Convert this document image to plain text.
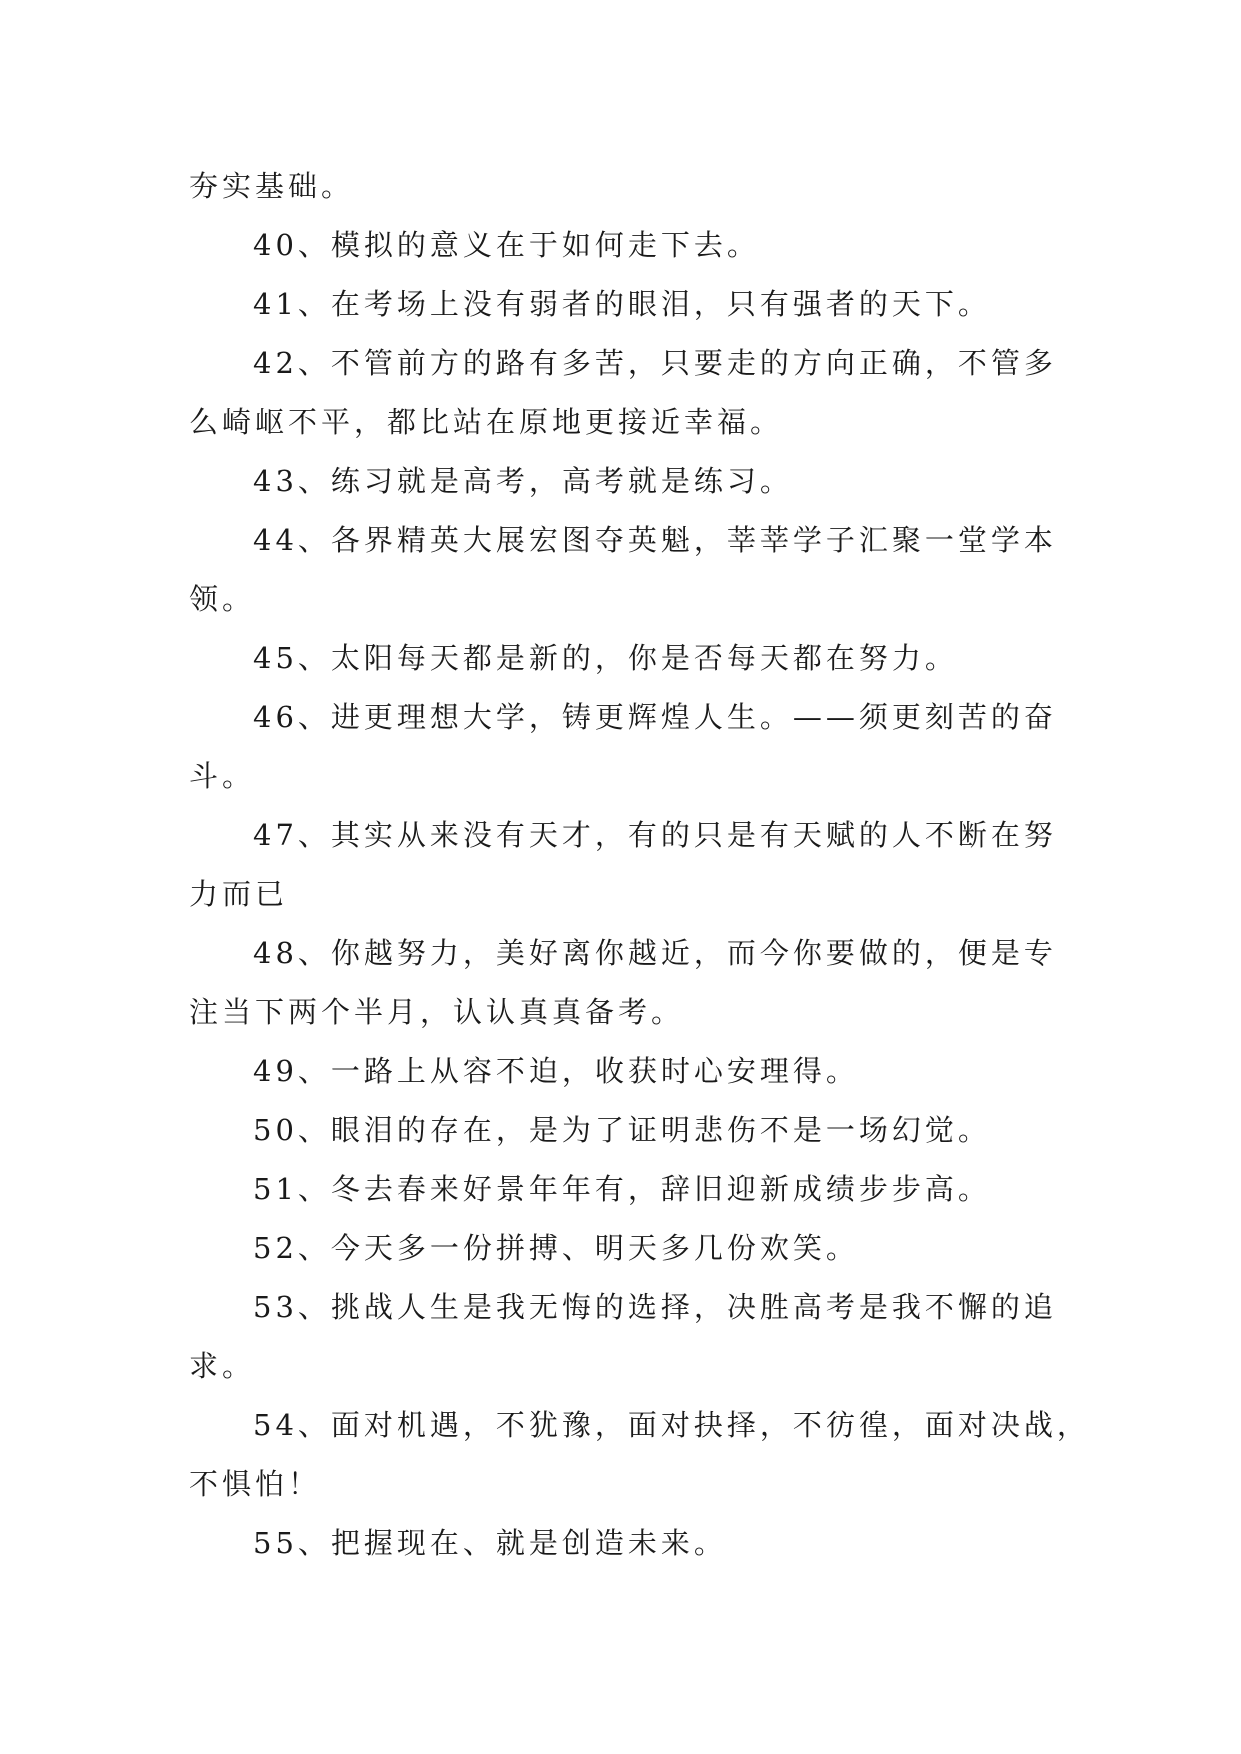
夯实基础。

40、模拟的意义在于如何走下去。

41、在考场上没有弱者的眼泪，只有强者的天下。

42、不管前方的路有多苦，只要走的方向正确，不管多
么崎岖不平，都比站在原地更接近幸福。

43、练习就是高考，高考就是练习。

44、各界精英大展宏图夺英魁，莘莘学子汇聚一堂学本
领。

45、太阳每天都是新的，你是否每天都在努力。

46、进更理想大学，铸更辉煌人生。——须更刻苦的奋
斗。

47、其实从来没有天才，有的只是有天赋的人不断在努
力而已

48、你越努力，美好离你越近，而今你要做的，便是专
注当下两个半月，认认真真备考。

49、一路上从容不迫，收获时心安理得。

50、眼泪的存在，是为了证明悲伤不是一场幻觉。

51、冬去春来好景年年有，辞旧迎新成绩步步高。

52、今天多一份拼搏、明天多几份欢笑。

53、挑战人生是我无悔的选择，决胜高考是我不懈的追
求。

54、面对机遇，不犹豫，面对抉择，不彷徨，面对决战，
不惧怕！

55、把握现在、就是创造未来。
